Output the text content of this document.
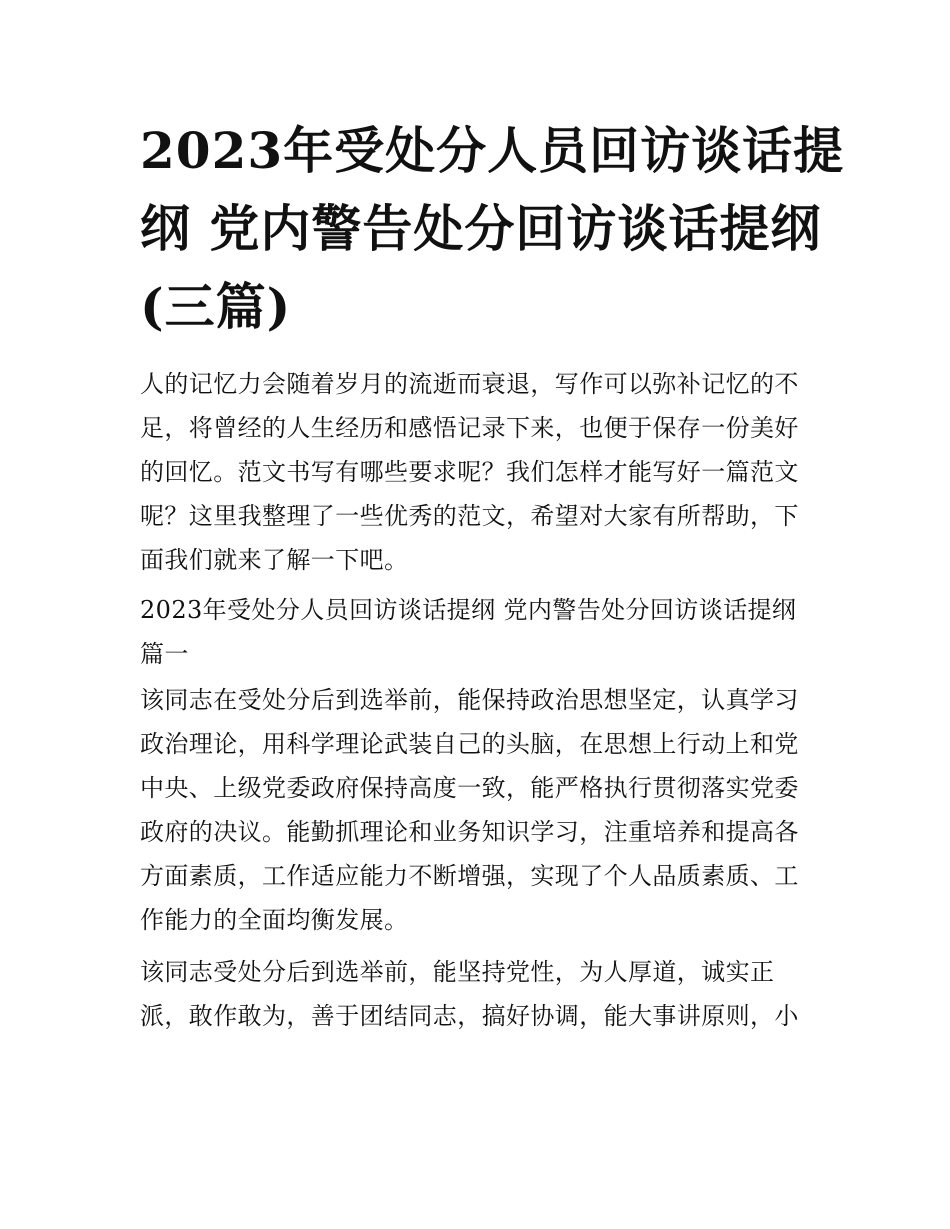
2023年受处分人员回访谈话提
纲 党内警告处分回访谈话提纲
(三篇)
人的记忆力会随着岁月的流逝而衰退，写作可以弥补记忆的不
足，将曾经的人生经历和感悟记录下来，也便于保存一份美好
的回忆。范文书写有哪些要求呢？我们怎样才能写好一篇范文
呢？这里我整理了一些优秀的范文，希望对大家有所帮助，下
面我们就来了解一下吧。
2023年受处分人员回访谈话提纲 党内警告处分回访谈话提纲
篇一
该同志在受处分后到选举前，能保持政治思想坚定，认真学习
政治理论，用科学理论武装自己的头脑，在思想上行动上和党
中央、上级党委政府保持高度一致，能严格执行贯彻落实党委
政府的决议。能勤抓理论和业务知识学习，注重培养和提高各
方面素质，工作适应能力不断增强，实现了个人品质素质、工
作能力的全面均衡发展。
该同志受处分后到选举前，能坚持党性，为人厚道，诚实正
派，敢作敢为，善于团结同志，搞好协调，能大事讲原则，小
